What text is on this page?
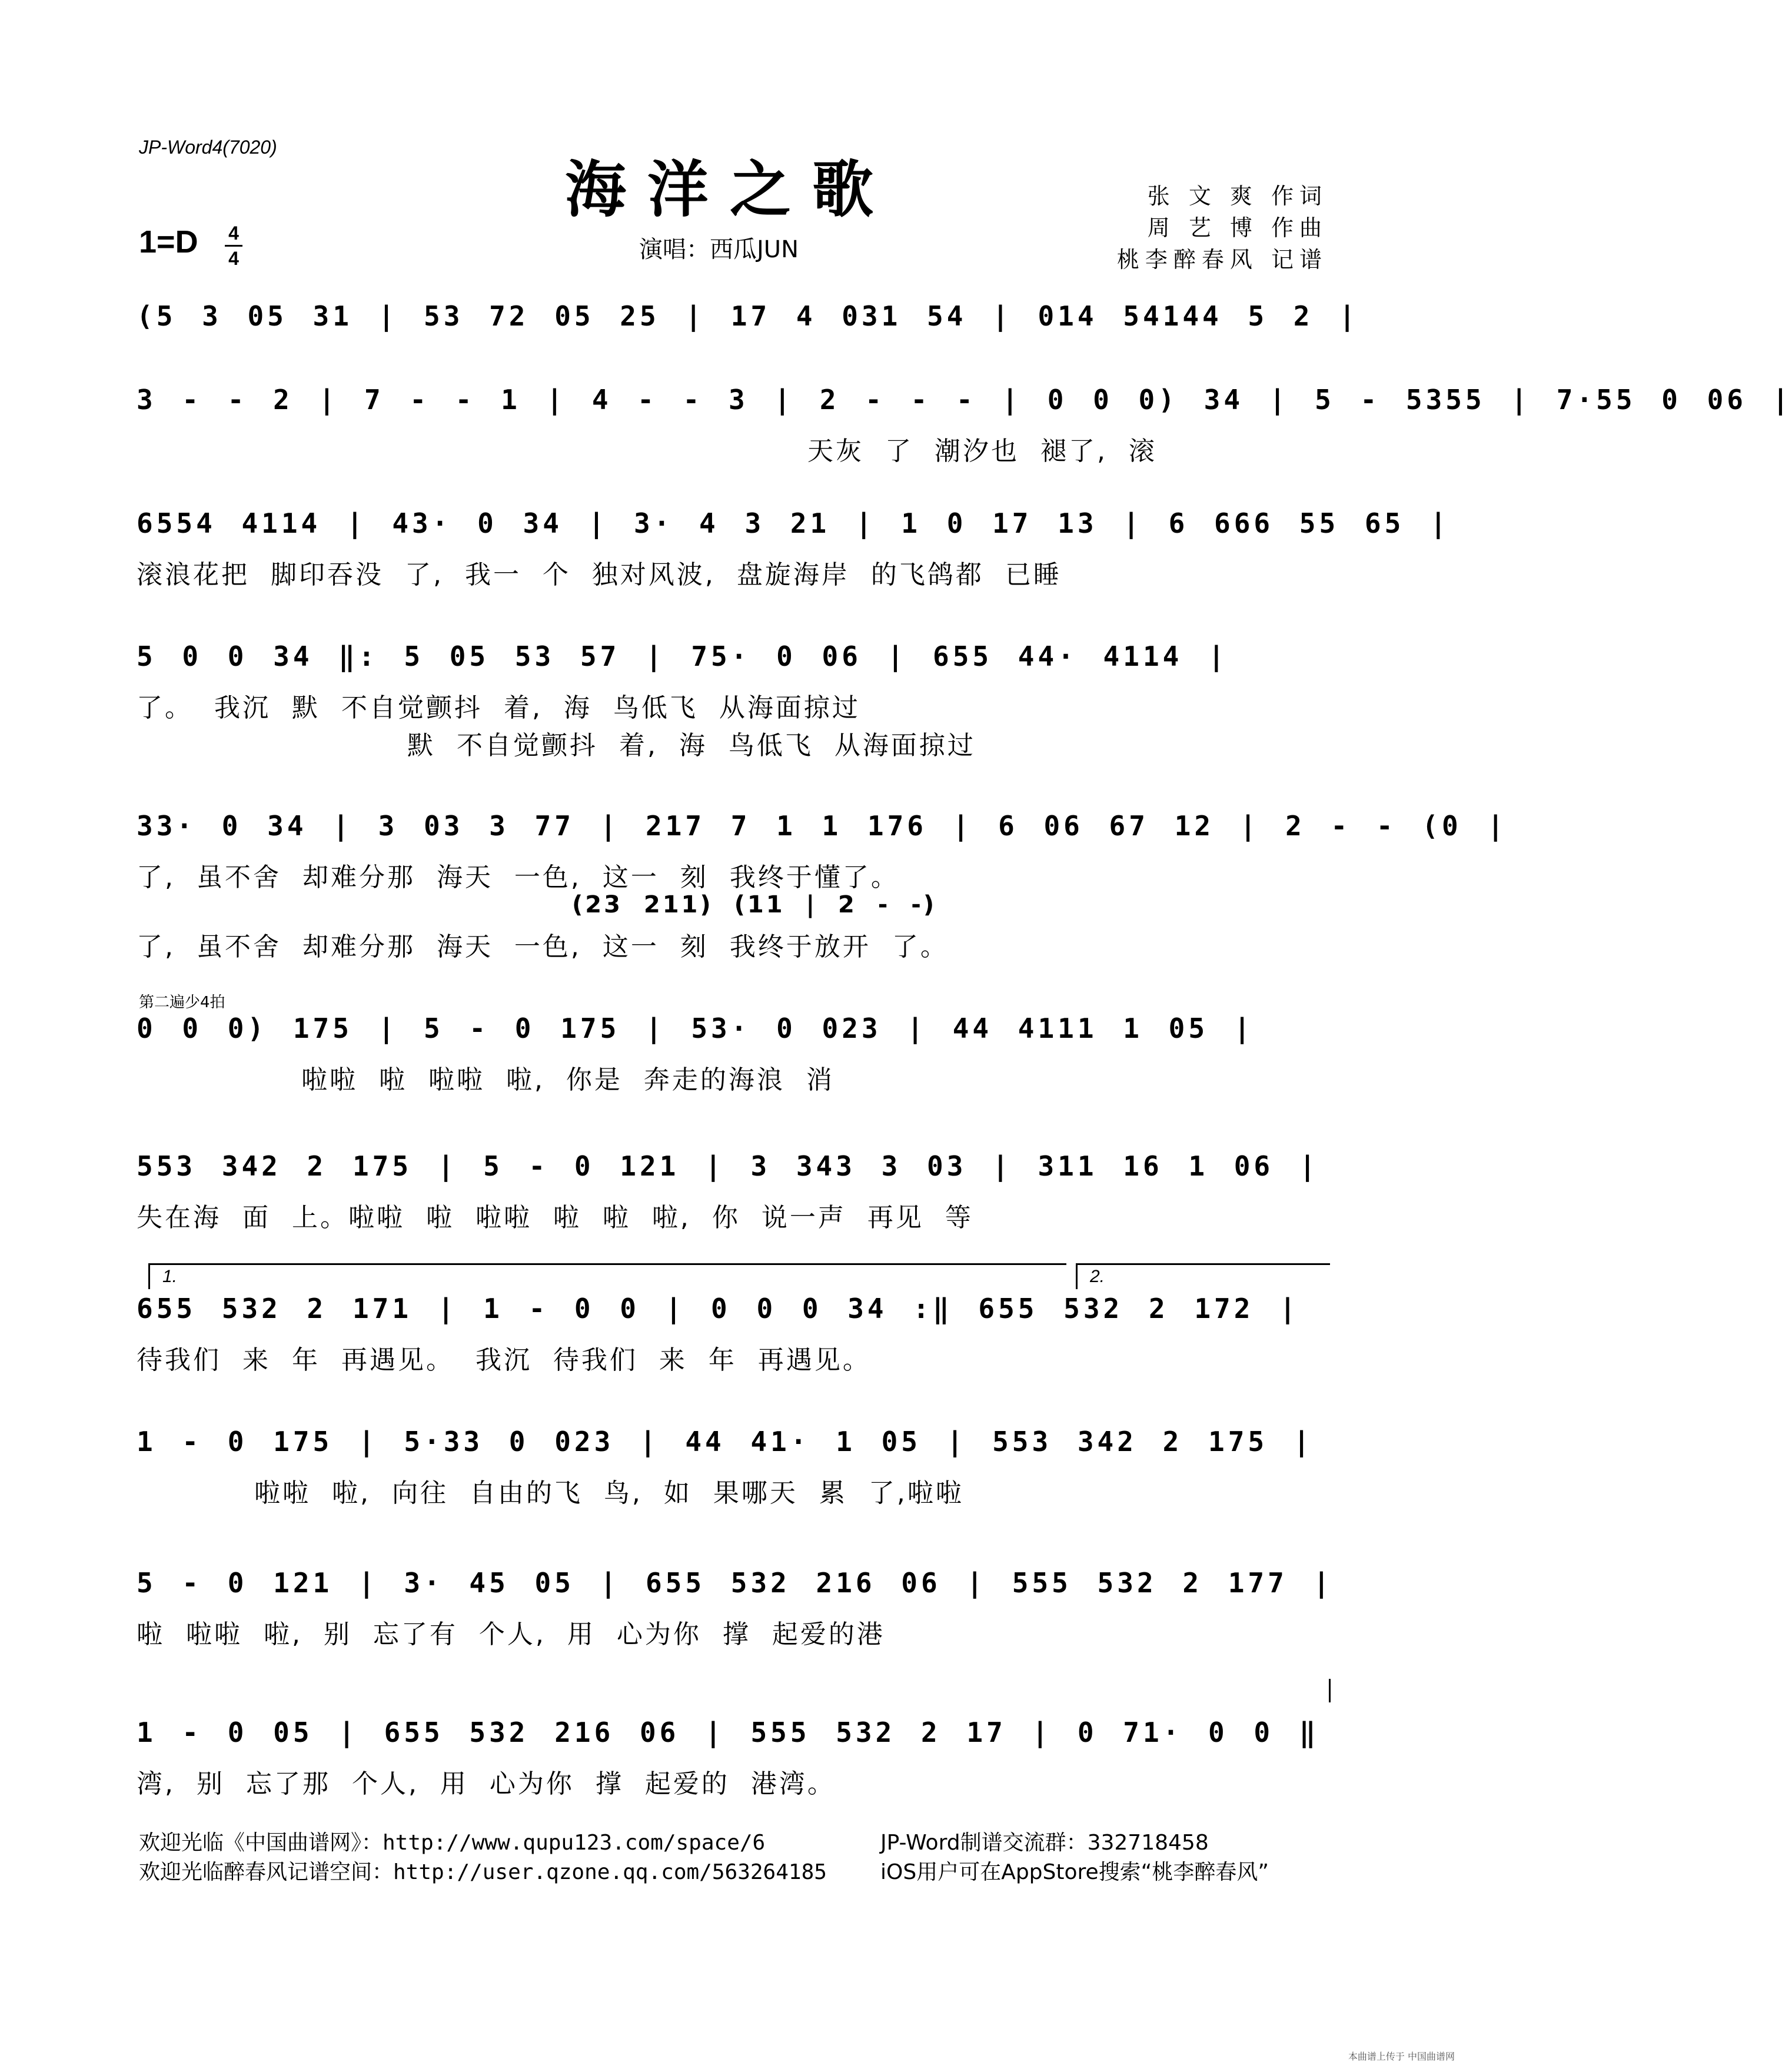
JP-Word4(7020)
海洋之歌
1=D 4
4	演唱：西瓜JUN
张 文 爽 作词
周 艺 博 作曲
桃李醉春风 记谱
(5 3 05 31 | 53 72 05 25 | 17 4 031 54 | 014 54144 5 2 |
3 - - 2 | 7 - - 1 | 4 - - 3 | 2 - - - | 0 0 0) 34 | 5 - 5355 | 7·55 0 06 |
天灰 了 潮汐也 褪了, 滚
6554 4114 | 43· 0 34 | 3· 4 3 21 | 1 0 17 13 | 6 666 55 65 |
滚浪花把 脚印吞没 了, 我一 个 独对风波, 盘旋海岸 的飞鸽都 已睡
5 0 0 34 ‖: 5 05 53 57 | 75· 0 06 | 655 44· 4114 |
了。 我沉 默 不自觉颤抖 着, 海 鸟低飞 从海面掠过
默 不自觉颤抖 着, 海 鸟低飞 从海面掠过
33· 0 34 | 3 03 3 77 | 217 7 1 1 176 | 6 06 67 12 | 2 - - (0 |
了, 虽不舍 却难分那 海天 一色, 这一 刻 我终于懂了。
(23 211) (11 | 2 - -)
了, 虽不舍 却难分那 海天 一色, 这一 刻 我终于放开 了。
第二遍少4拍
0 0 0) 175 | 5 - 0 175 | 53· 0 023 | 44 4111 1 05 |
啦啦 啦 啦啦 啦, 你是 奔走的海浪 消
553 342 2 175 | 5 - 0 121 | 3 343 3 03 | 311 16 1 06 |
失在海 面 上。啦啦 啦 啦啦 啦 啦 啦, 你 说一声 再见 等
1.	2.
655 532 2 171 | 1 - 0 0 | 0 0 0 34 :‖ 655 532 2 172 |
待我们 来 年 再遇见。 我沉 待我们 来 年 再遇见。
1 - 0 175 | 5·33 0 023 | 44 41· 1 05 | 553 342 2 175 |
啦啦 啦, 向往 自由的飞 鸟, 如 果哪天 累 了,啦啦
5 - 0 121 | 3· 45 05 | 655 532 216 06 | 555 532 2 177 |
啦 啦啦 啦, 别 忘了有 个人, 用 心为你 撑 起爱的港
1 - 0 05 | 655 532 216 06 | 555 532 2 17 | 0 71· 0 0 ‖
湾, 别 忘了那 个人, 用 心为你 撑 起爱的 港湾。
欢迎光临《中国曲谱网》：http://www.qupu123.com/space/6
欢迎光临醉春风记谱空间：http://user.qzone.qq.com/563264185
JP-Word制谱交流群：332718458
iOS用户可在AppStore搜索“桃李醉春风”
本曲谱上传于 中国曲谱网
